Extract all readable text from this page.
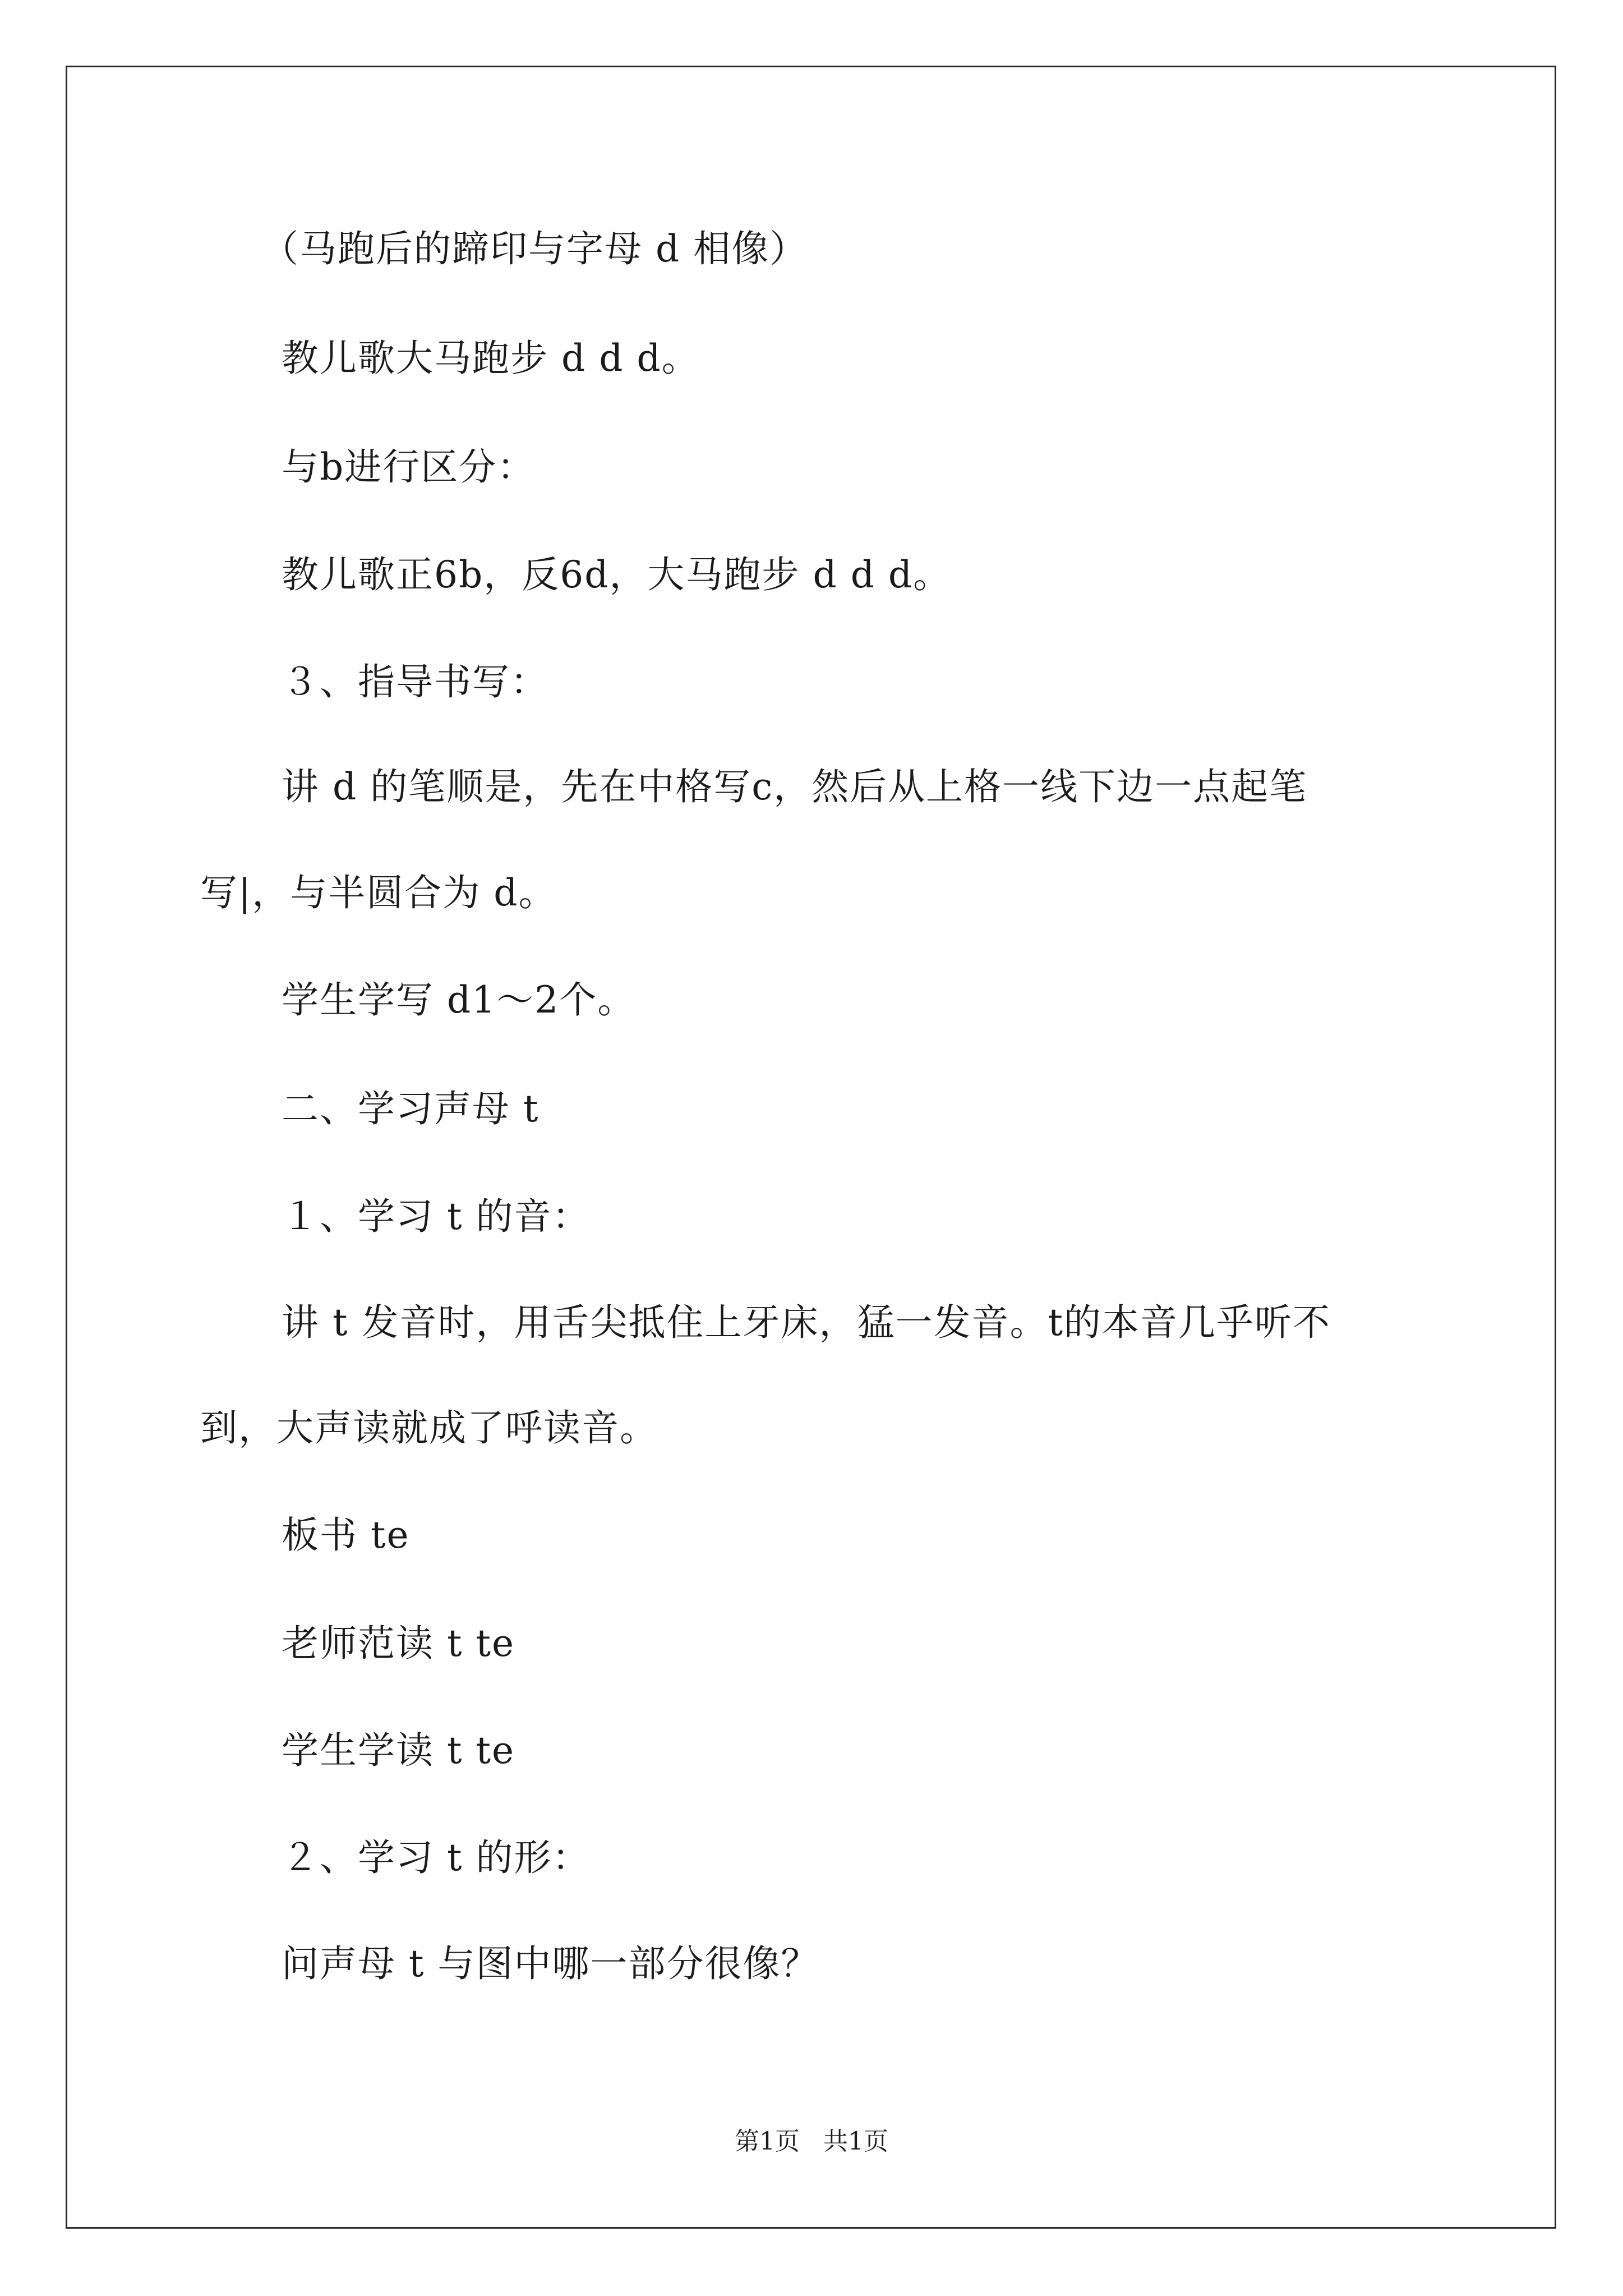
（马跑后的蹄印与字母 d 相像）
教儿歌大马跑步 d d d。
与b进行区分：
教儿歌正6b，反6d，大马跑步 d d d。
３、指导书写：
讲 d 的笔顺是，先在中格写c，然后从上格一线下边一点起笔
写|，与半圆合为 d。
学生学写 d1～2个。
二、学习声母 t
１、学习 t 的音：
讲 t 发音时，用舌尖抵住上牙床，猛一发音。t的本音几乎听不
到，大声读就成了呼读音。
板书 te
老师范读 t te
学生学读 t te
２、学习 t 的形：
问声母 t 与图中哪一部分很像？
第1页   共1页
